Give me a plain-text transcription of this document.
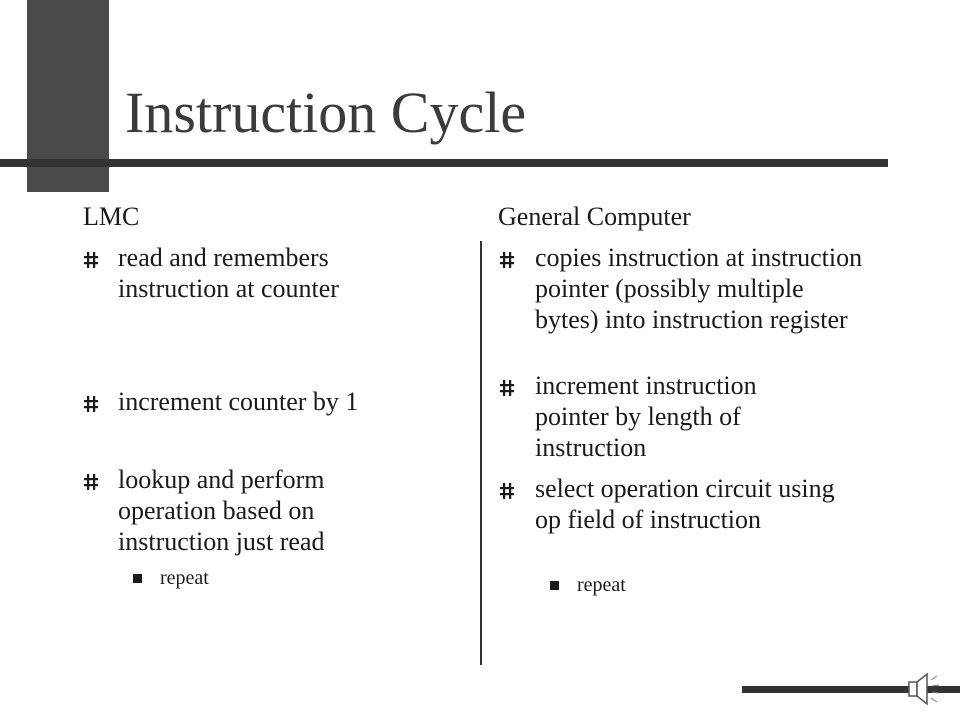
Instruction Cycle
LMC
read and remembers instruction at counter
increment counter by 1
lookup and perform operation based on instruction just read
repeat
General Computer
copies instruction at instruction pointer (possibly multiple bytes) into instruction register
increment instruction pointer by length of instruction
select operation circuit using op field of instruction
repeat
